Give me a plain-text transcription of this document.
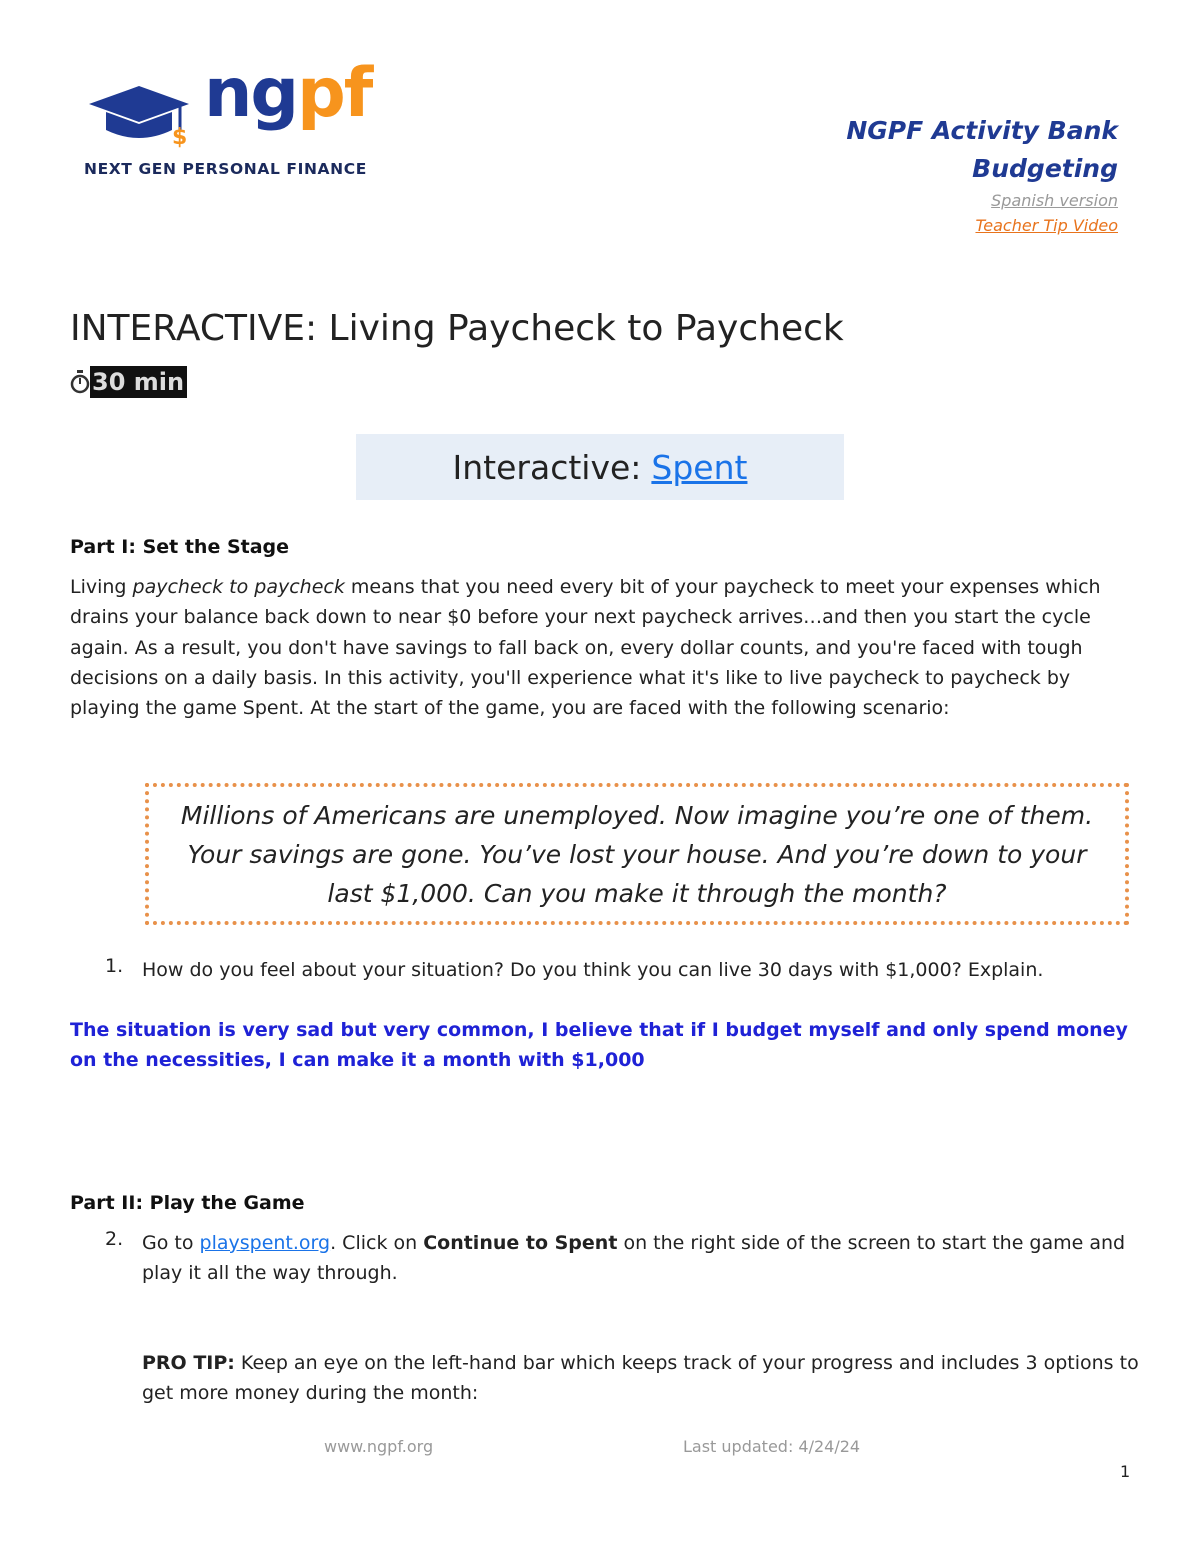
$
ngpf
NEXT GEN PERSONAL FINANCE
NGPF Activity Bank
Budgeting
Spanish version
Teacher Tip Video
INTERACTIVE: Living Paycheck to Paycheck
30 min
Interactive: Spent
Part I: Set the Stage
Living paycheck to paycheck means that you need every bit of your paycheck to meet your expenses which drains your balance back down to near $0 before your next paycheck arrives…and then you start the cycle again. As a result, you don't have savings to fall back on, every dollar counts, and you're faced with tough decisions on a daily basis. In this activity, you'll experience what it's like to live paycheck to paycheck by playing the game Spent. At the start of the game, you are faced with the following scenario:
Millions of Americans are unemployed. Now imagine you’re one of them. Your savings are gone. You’ve lost your house. And you’re down to your last $1,000. Can you make it through the month?
1. How do you feel about your situation? Do you think you can live 30 days with $1,000? Explain.
The situation is very sad but very common, I believe that if I budget myself and only spend money on the necessities, I can make it a month with $1,000
Part II: Play the Game
2. Go to playspent.org. Click on Continue to Spent on the right side of the screen to start the game and play it all the way through.
PRO TIP: Keep an eye on the left-hand bar which keeps track of your progress and includes 3 options to get more money during the month:
www.ngpf.org	Last updated: 4/24/24
1
